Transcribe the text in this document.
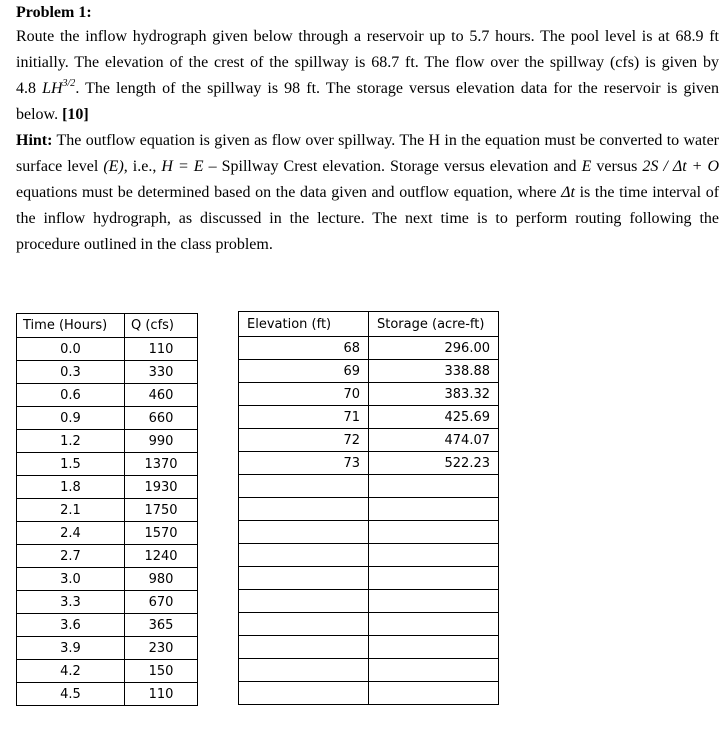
Problem 1:

Route the inflow hydrograph given below through a reservoir up to 5.7 hours. The pool level is at 68.9 ft initially. The elevation of the crest of the spillway is 68.7 ft. The flow over the spillway (cfs) is given by 4.8 $LH^{3/2}$. The length of the spillway is 98 ft. The storage versus elevation data for the reservoir is given below. [10]
Hint: The outflow equation is given as flow over spillway. The H in the equation must be converted to water surface level (E), i.e., H = E – Spillway Crest elevation. Storage versus elevation and E versus 2S / Δt + O equations must be determined based on the data given and outflow equation, where Δt is the time interval of the inflow hydrograph, as discussed in the lecture. The next time is to perform routing following the procedure outlined in the class problem.

Time (Hours)	Q (cfs)
0.0	110
0.3	330
0.6	460
0.9	660
1.2	990
1.5	1370
1.8	1930
2.1	1750
2.4	1570
2.7	1240
3.0	980
3.3	670
3.6	365
3.9	230
4.2	150
4.5	110
Elevation (ft)	Storage (acre-ft)
68	296.00
69	338.88
70	383.32
71	425.69
72	474.07
73	522.23
